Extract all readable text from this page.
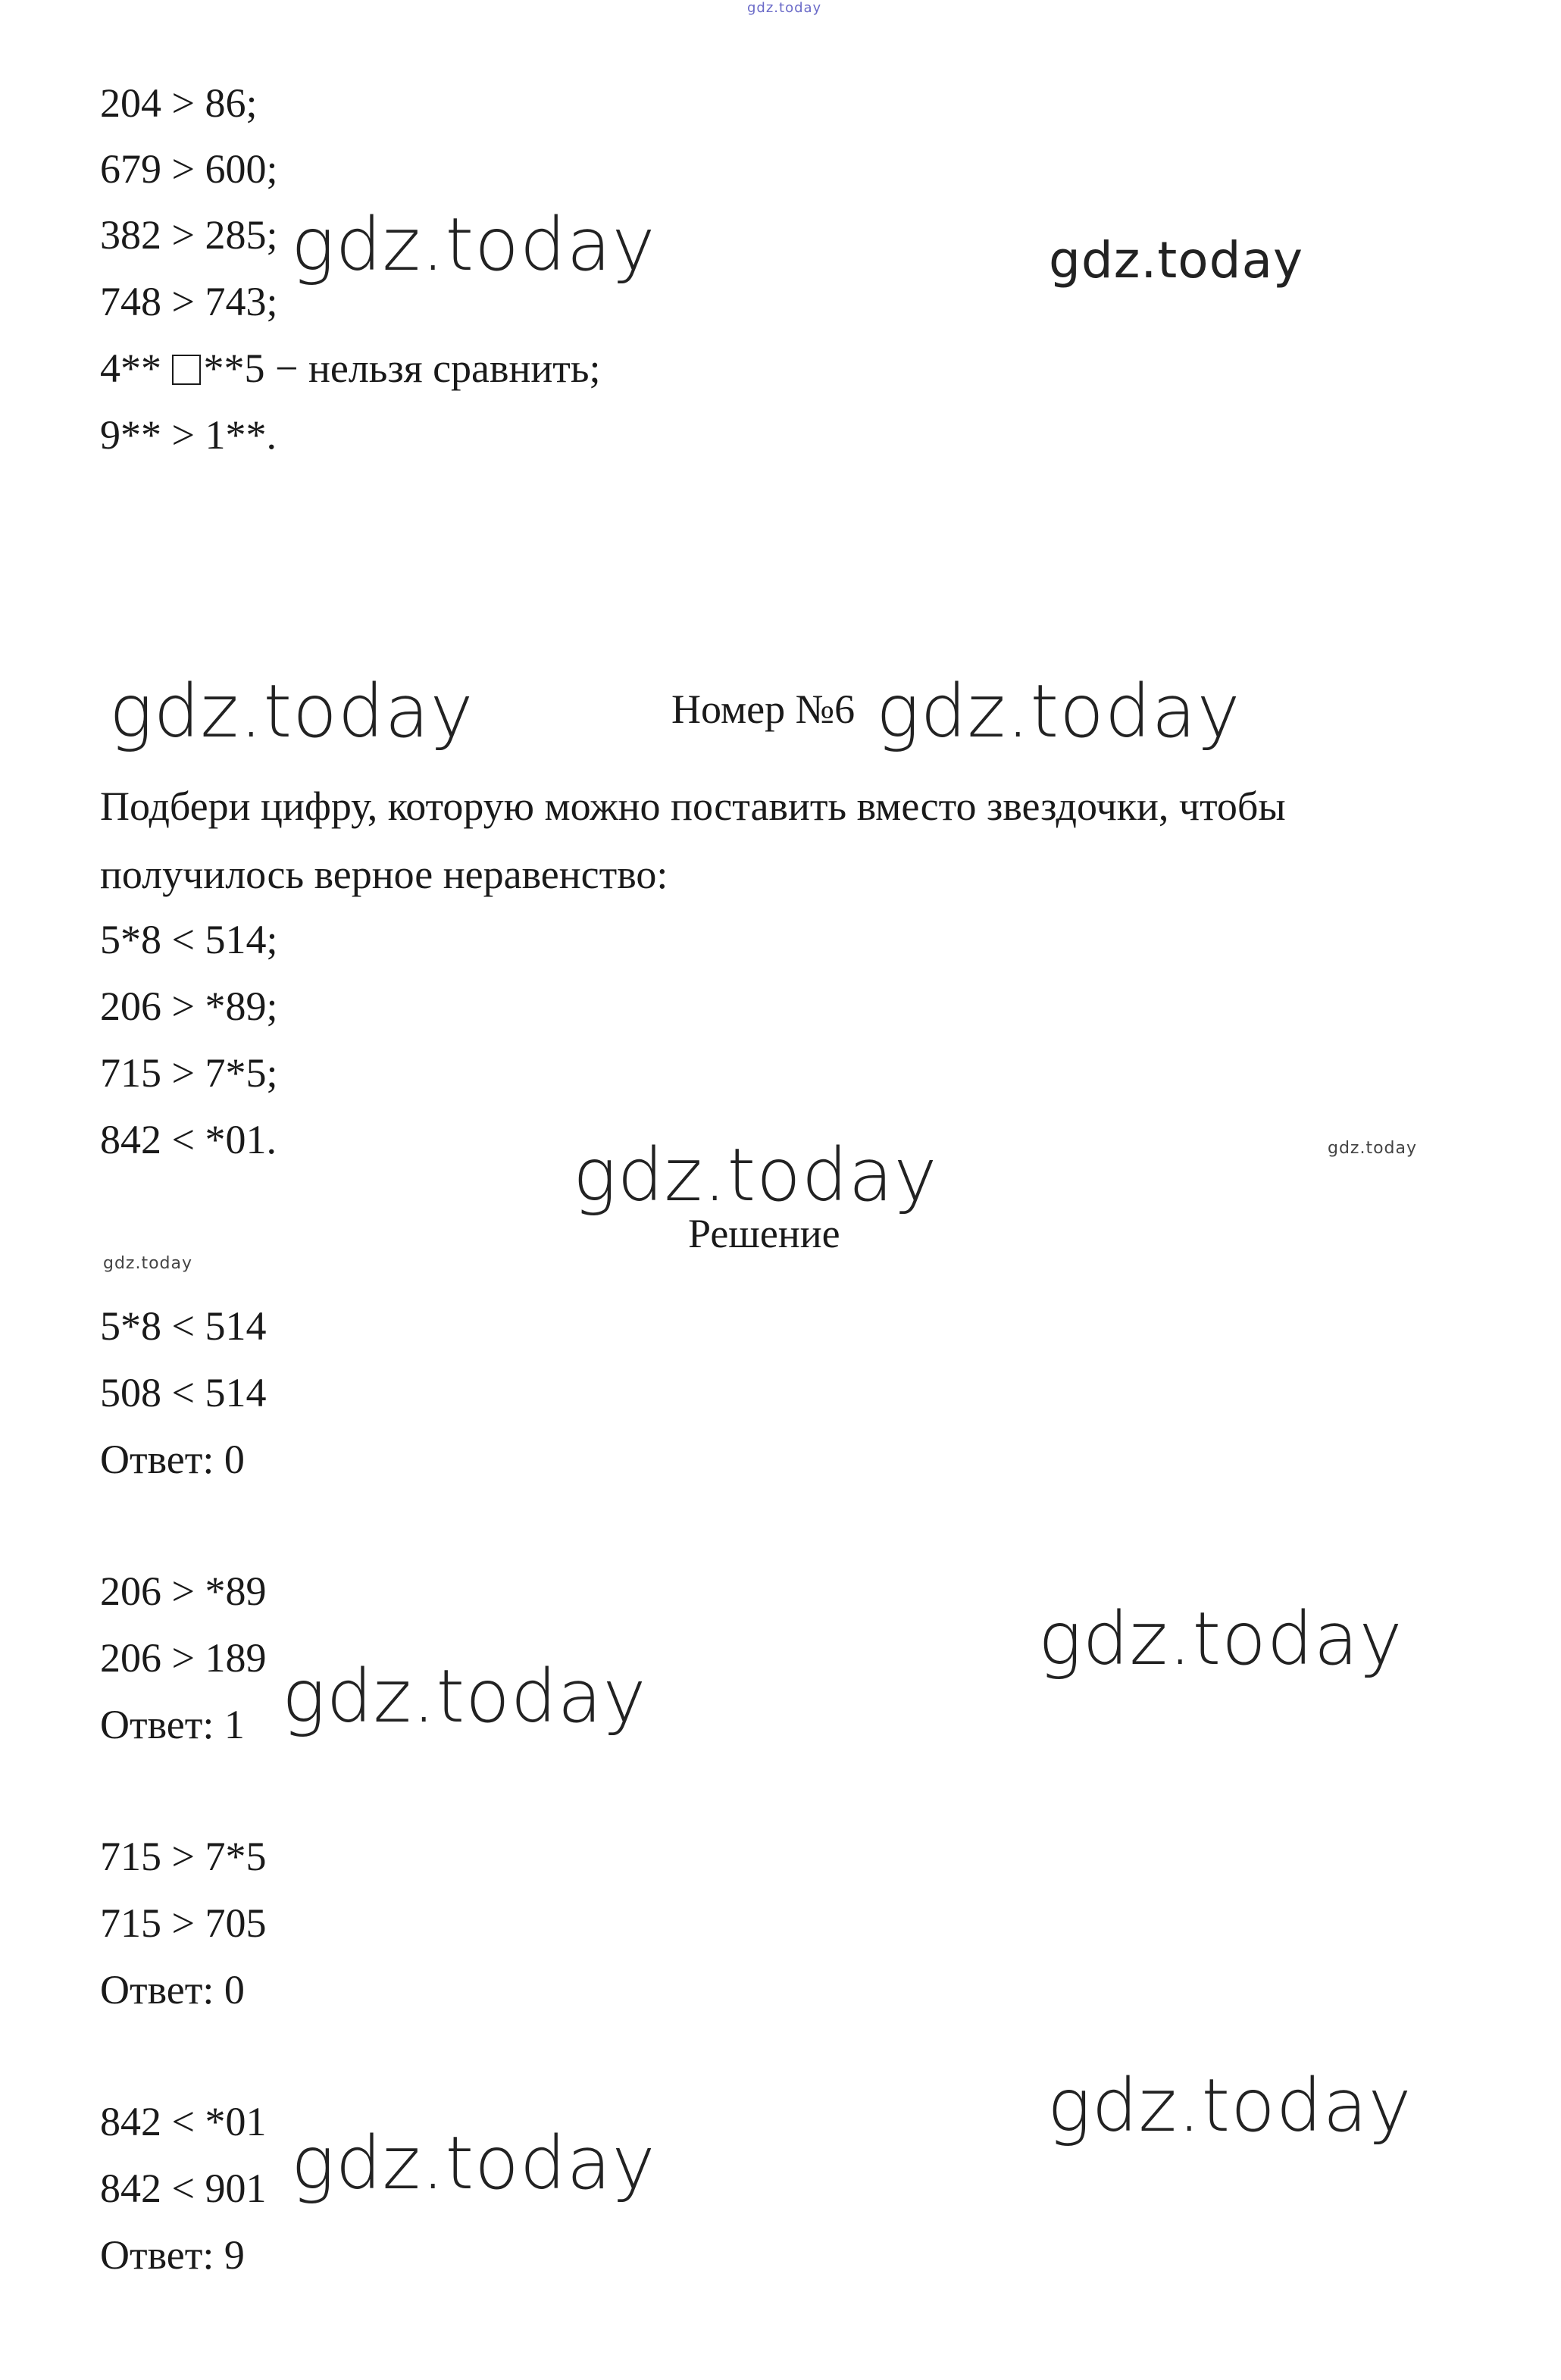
gdz.today
204 > 86;
679 > 600;
382 > 285;
748 > 743;
4** **5 − нельзя сравнить;
9** > 1**.
gdz.today	gdz.today
gdz.today	Номер №6 gdz.today
Подбери цифру, которую можно поставить вместо звездочки, чтобы
получилось верное неравенство:
5*8 < 514;
206 > *89;
715 > 7*5;
842 < *01.	gdz.today
gdz.today
gdz.today
Решение
5*8 < 514
508 < 514
Ответ: 0
206 > *89
206 > 189
Ответ: 1
gdz.today
gdz.today
715 > 7*5
715 > 705
Ответ: 0
842 < *01
842 < 901
Ответ: 9
gdz.today
gdz.today
